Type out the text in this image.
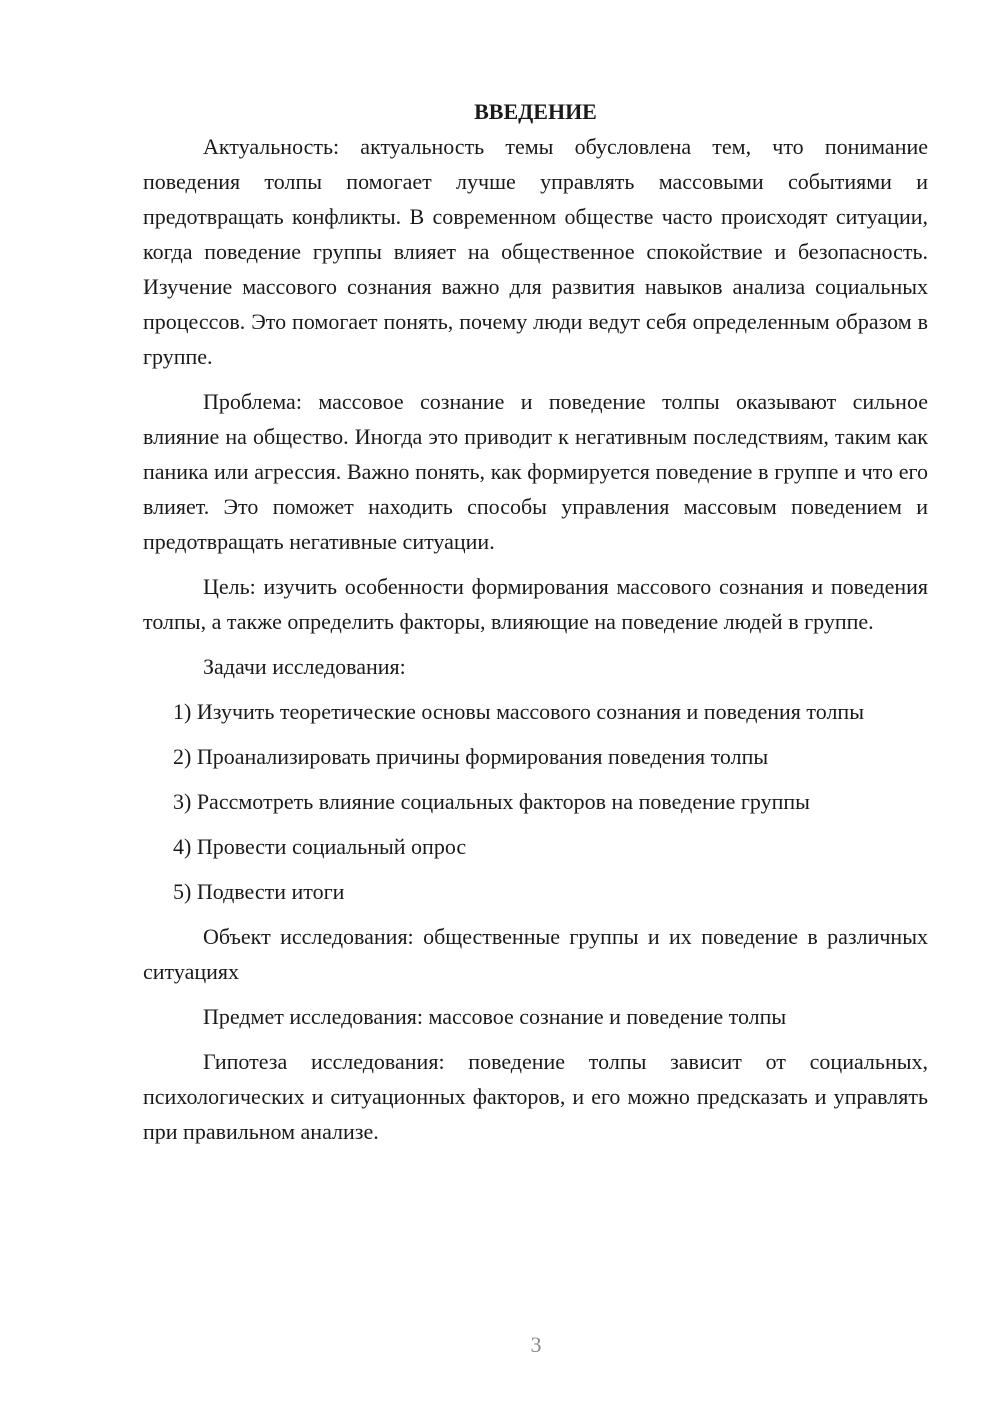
ВВЕДЕНИЕ

Актуальность: актуальность темы обусловлена тем, что понимание поведения толпы помогает лучше управлять массовыми событиями и предотвращать конфликты. В современном обществе часто происходят ситуации, когда поведение группы влияет на общественное спокойствие и безопасность. Изучение массового сознания важно для развития навыков анализа социальных процессов. Это помогает понять, почему люди ведут себя определенным образом в группе.

Проблема: массовое сознание и поведение толпы оказывают сильное влияние на общество. Иногда это приводит к негативным последствиям, таким как паника или агрессия. Важно понять, как формируется поведение в группе и что его влияет. Это поможет находить способы управления массовым поведением и предотвращать негативные ситуации.

Цель: изучить особенности формирования массового сознания и поведения толпы, а также определить факторы, влияющие на поведение людей в группе.

Задачи исследования:

1) Изучить теоретические основы массового сознания и поведения толпы

2) Проанализировать причины формирования поведения толпы

3) Рассмотреть влияние социальных факторов на поведение группы

4) Провести социальный опрос

5) Подвести итоги

Объект исследования: общественные группы и их поведение в различных ситуациях

Предмет исследования: массовое сознание и поведение толпы

Гипотеза исследования: поведение толпы зависит от социальных, психологических и ситуационных факторов, и его можно предсказать и управлять при правильном анализе.

3
